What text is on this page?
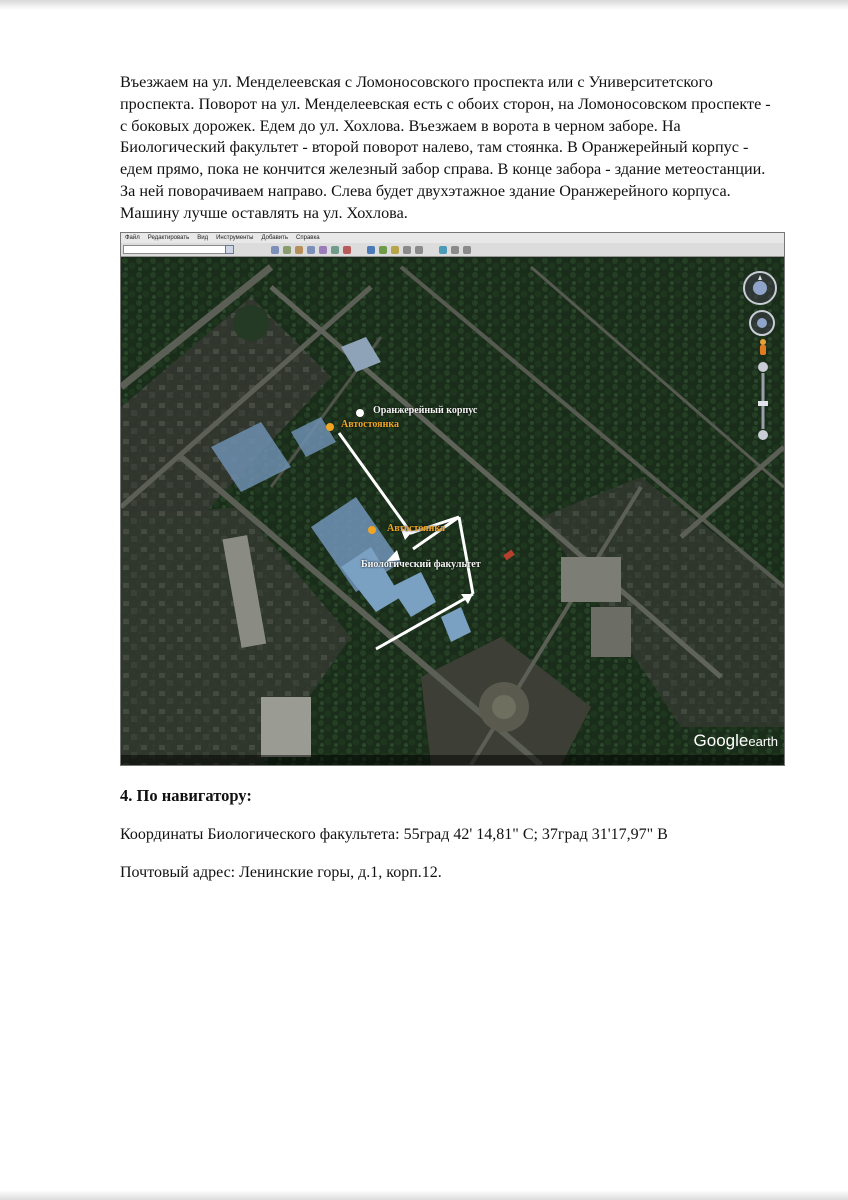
Въезжаем на ул. Менделеевская с Ломоносовского проспекта или с Университетского проспекта. Поворот на ул. Менделеевская есть с обоих сторон, на Ломоносовском проспекте - с боковых дорожек. Едем до ул. Хохлова. Въезжаем в ворота в черном заборе. На Биологический факультет - второй поворот налево, там стоянка. В Оранжерейный корпус - едем прямо, пока не кончится железный забор справа. В конце забора - здание метеостанции. За ней поворачиваем направо. Слева будет двухэтажное здание Оранжерейного корпуса. Машину лучше оставлять на ул. Хохлова.

Файл Редактировать Вид Инструменты Добавить Справка
Оранжерейный корпус
Автостоянка
Автостоянка
Биологический факультет
Googleearth

4. По навигатору:

Координаты Биологического факультета: 55град 42' 14,81" С; 37град 31'17,97" В

Почтовый адрес: Ленинские горы, д.1, корп.12.
